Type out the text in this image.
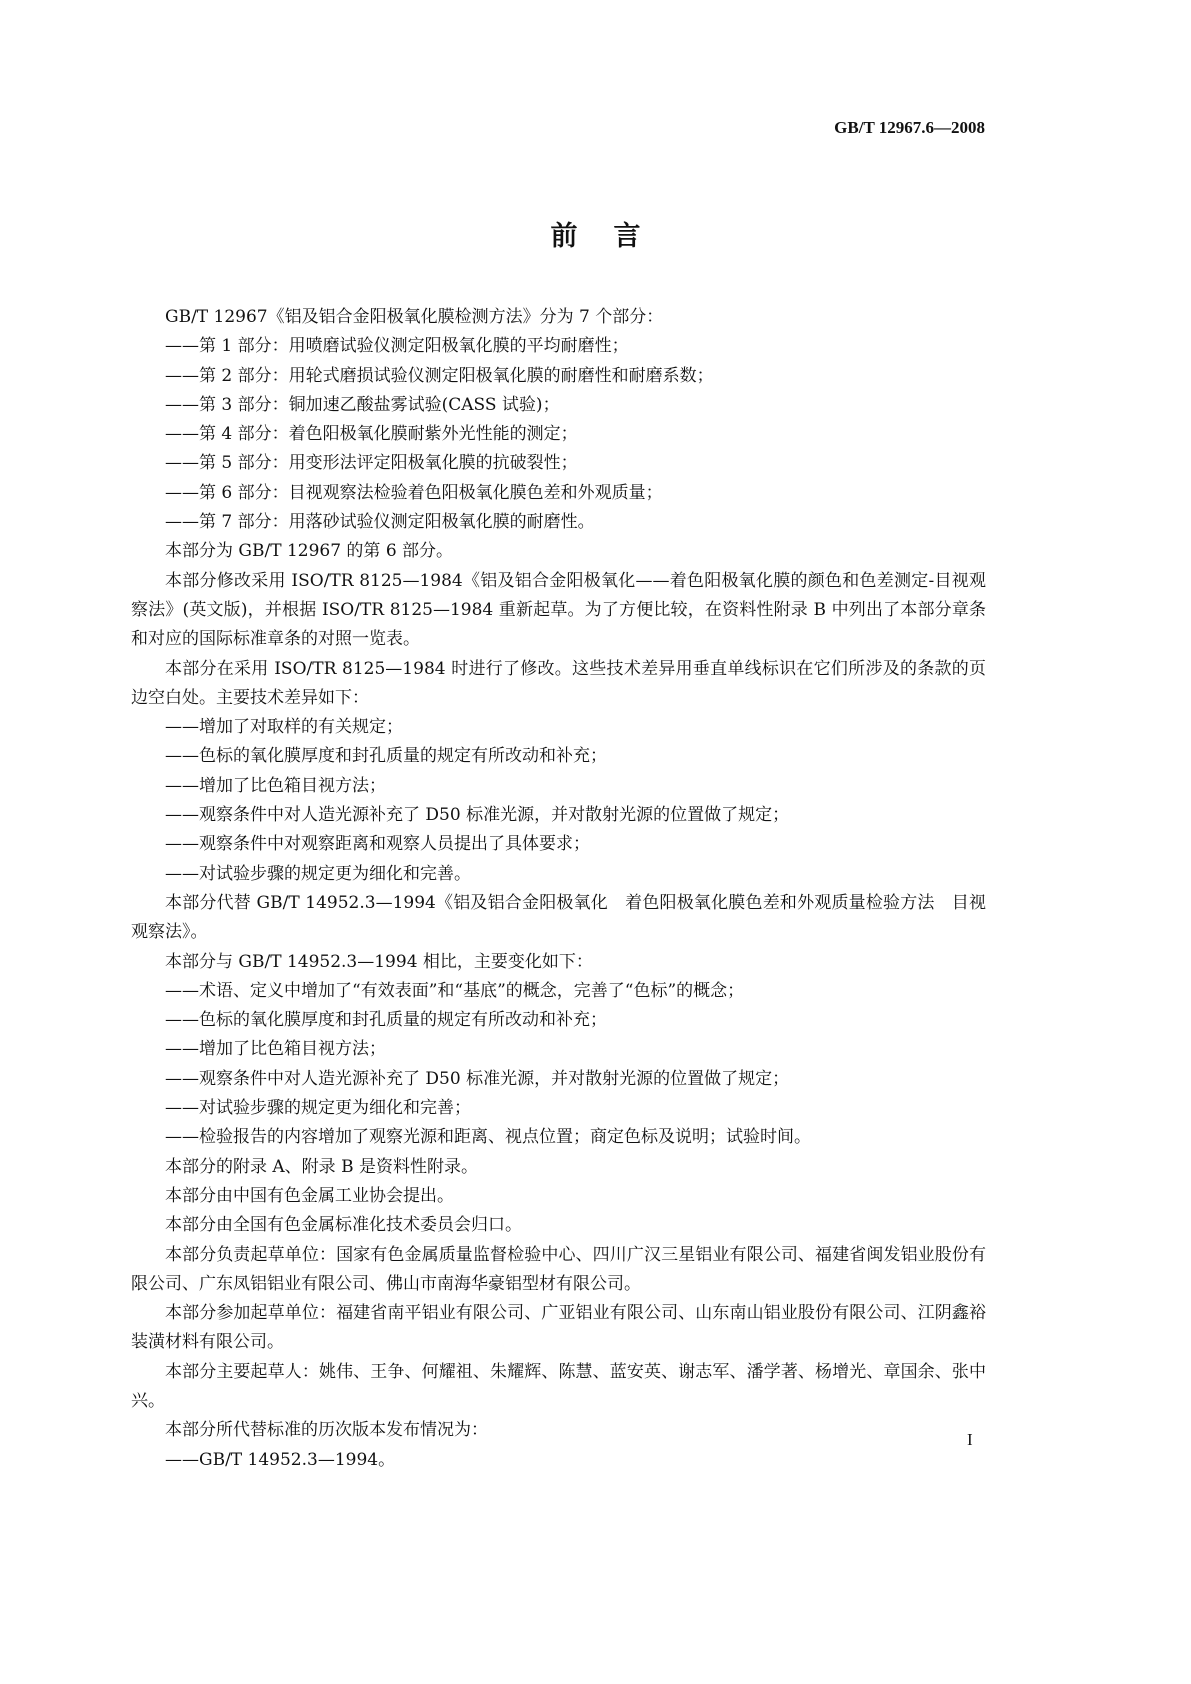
GB/T 12967.6—2008
前言

GB/T 12967《铝及铝合金阳极氧化膜检测方法》分为 7 个部分：

——第 1 部分：用喷磨试验仪测定阳极氧化膜的平均耐磨性；

——第 2 部分：用轮式磨损试验仪测定阳极氧化膜的耐磨性和耐磨系数；

——第 3 部分：铜加速乙酸盐雾试验(CASS 试验)；

——第 4 部分：着色阳极氧化膜耐紫外光性能的测定；

——第 5 部分：用变形法评定阳极氧化膜的抗破裂性；

——第 6 部分：目视观察法检验着色阳极氧化膜色差和外观质量；

——第 7 部分：用落砂试验仪测定阳极氧化膜的耐磨性。

本部分为 GB/T 12967 的第 6 部分。

本部分修改采用 ISO/TR 8125—1984《铝及铝合金阳极氧化——着色阳极氧化膜的颜色和色差测定-目视观察法》(英文版)，并根据 ISO/TR 8125—1984 重新起草。为了方便比较，在资料性附录 B 中列出了本部分章条和对应的国际标准章条的对照一览表。

本部分在采用 ISO/TR 8125—1984 时进行了修改。这些技术差异用垂直单线标识在它们所涉及的条款的页边空白处。主要技术差异如下：

——增加了对取样的有关规定；

——色标的氧化膜厚度和封孔质量的规定有所改动和补充；

——增加了比色箱目视方法；

——观察条件中对人造光源补充了 D50 标准光源，并对散射光源的位置做了规定；

——观察条件中对观察距离和观察人员提出了具体要求；

——对试验步骤的规定更为细化和完善。

本部分代替 GB/T 14952.3—1994《铝及铝合金阳极氧化　着色阳极氧化膜色差和外观质量检验方法　目视观察法》。

本部分与 GB/T 14952.3—1994 相比，主要变化如下：

——术语、定义中增加了“有效表面”和“基底”的概念，完善了“色标”的概念；

——色标的氧化膜厚度和封孔质量的规定有所改动和补充；

——增加了比色箱目视方法；

——观察条件中对人造光源补充了 D50 标准光源，并对散射光源的位置做了规定；

——对试验步骤的规定更为细化和完善；

——检验报告的内容增加了观察光源和距离、视点位置；商定色标及说明；试验时间。

本部分的附录 A、附录 B 是资料性附录。

本部分由中国有色金属工业协会提出。

本部分由全国有色金属标准化技术委员会归口。

本部分负责起草单位：国家有色金属质量监督检验中心、四川广汉三星铝业有限公司、福建省闽发铝业股份有限公司、广东凤铝铝业有限公司、佛山市南海华豪铝型材有限公司。

本部分参加起草单位：福建省南平铝业有限公司、广亚铝业有限公司、山东南山铝业股份有限公司、江阴鑫裕装潢材料有限公司。

本部分主要起草人：姚伟、王争、何耀祖、朱耀辉、陈慧、蓝安英、谢志军、潘学著、杨增光、章国余、张中兴。

本部分所代替标准的历次版本发布情况为：

——GB/T 14952.3—1994。

I
